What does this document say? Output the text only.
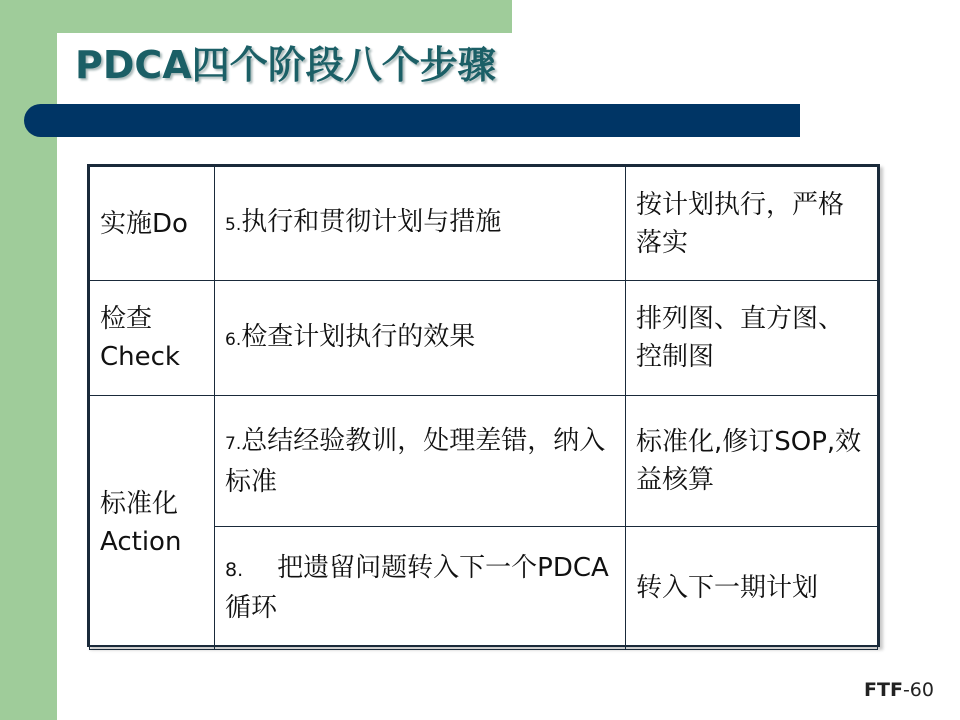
PDCA四个阶段八个步骤
实施Do	5.执行和贯彻计划与措施	按计划执行，严格落实
检查
Check	6.检查计划执行的效果	排列图、直方图、控制图
标准化
Action	7.总结经验教训，处理差错，纳入标准	标准化,修订SOP,效益核算
	8. 把遗留问题转入下一个PDCA循环	转入下一期计划
FTF-60
